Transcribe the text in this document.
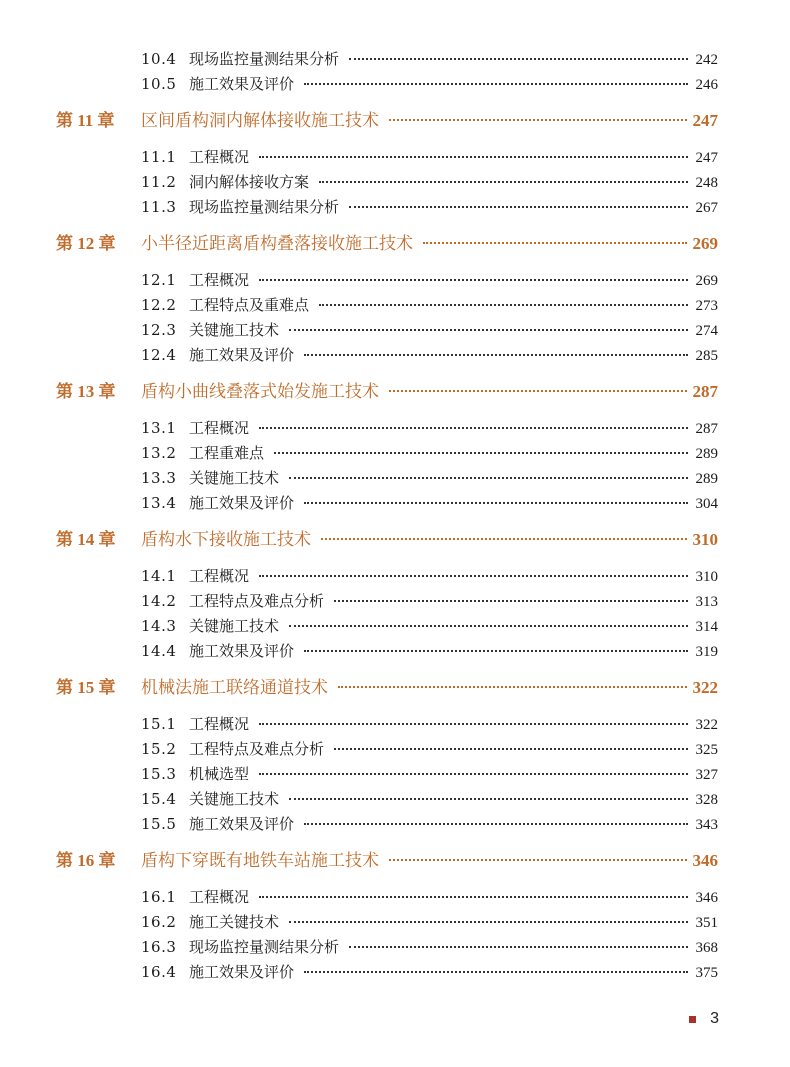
10.4 现场监控量测结果分析	242
10.5 施工效果及评价	246
第 11 章	区间盾构洞内解体接收施工技术	247
11.1 工程概况	247
11.2 洞内解体接收方案	248
11.3 现场监控量测结果分析	267
第 12 章	小半径近距离盾构叠落接收施工技术	269
12.1 工程概况	269
12.2 工程特点及重难点	273
12.3 关键施工技术	274
12.4 施工效果及评价	285
第 13 章	盾构小曲线叠落式始发施工技术	287
13.1 工程概况	287
13.2 工程重难点	289
13.3 关键施工技术	289
13.4 施工效果及评价	304
第 14 章	盾构水下接收施工技术	310
14.1 工程概况	310
14.2 工程特点及难点分析	313
14.3 关键施工技术	314
14.4 施工效果及评价	319
第 15 章	机械法施工联络通道技术	322
15.1 工程概况	322
15.2 工程特点及难点分析	325
15.3 机械选型	327
15.4 关键施工技术	328
15.5 施工效果及评价	343
第 16 章	盾构下穿既有地铁车站施工技术	346
16.1 工程概况	346
16.2 施工关键技术	351
16.3 现场监控量测结果分析	368
16.4 施工效果及评价	375
3
